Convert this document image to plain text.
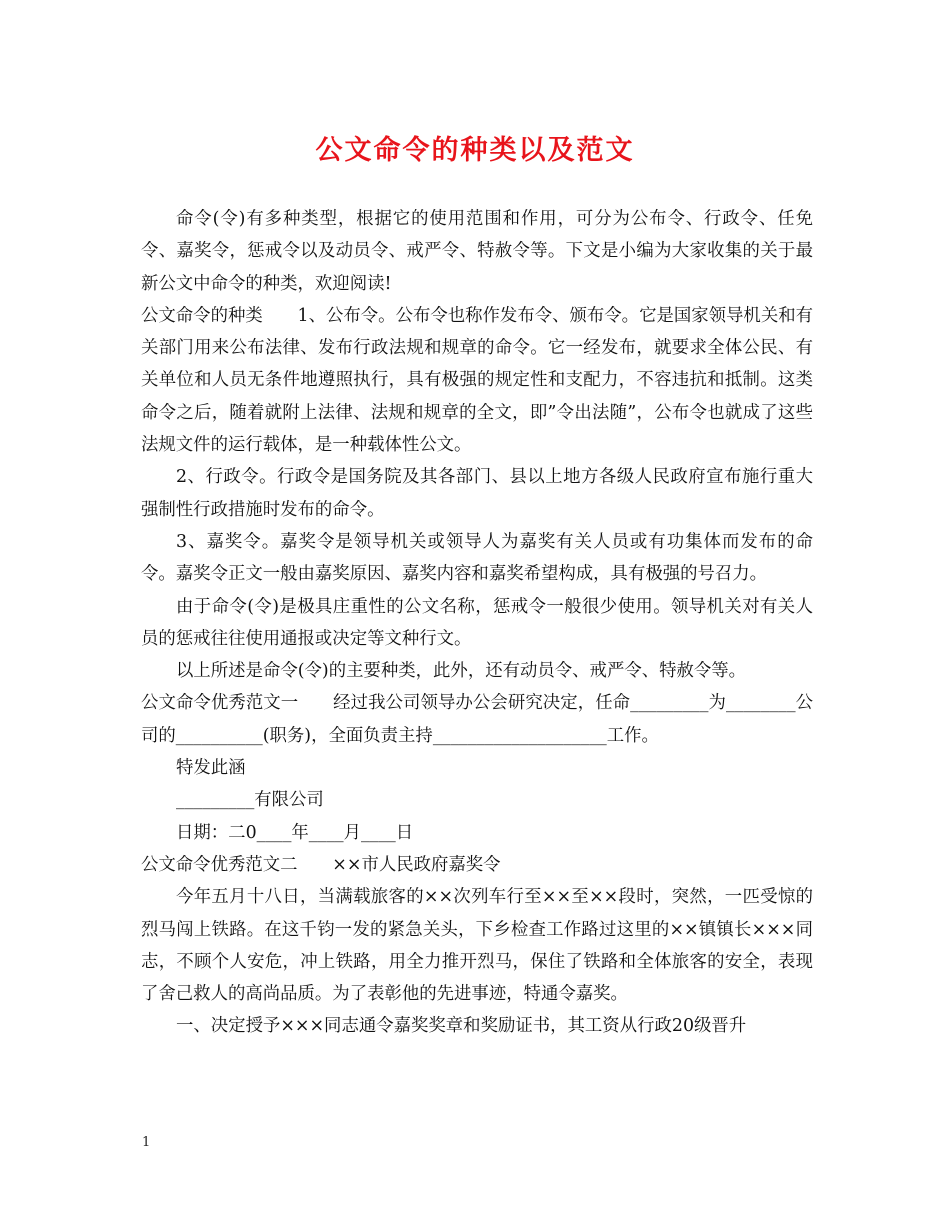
公文命令的种类以及范文

命令(令)有多种类型，根据它的使用范围和作用，可分为公布令、行政令、任免令、嘉奖令，惩戒令以及动员令、戒严令、特赦令等。下文是小编为大家收集的关于最新公文中命令的种类，欢迎阅读!

公文命令的种类　　1、公布令。公布令也称作发布令、颁布令。它是国家领导机关和有关部门用来公布法律、发布行政法规和规章的命令。它一经发布，就要求全体公民、有关单位和人员无条件地遵照执行，具有极强的规定性和支配力，不容违抗和抵制。这类命令之后，随着就附上法律、法规和规章的全文，即”令出法随”，公布令也就成了这些法规文件的运行载体，是一种载体性公文。

2、行政令。行政令是国务院及其各部门、县以上地方各级人民政府宣布施行重大强制性行政措施时发布的命令。

3、嘉奖令。嘉奖令是领导机关或领导人为嘉奖有关人员或有功集体而发布的命令。嘉奖令正文一般由嘉奖原因、嘉奖内容和嘉奖希望构成，具有极强的号召力。

由于命令(令)是极具庄重性的公文名称，惩戒令一般很少使用。领导机关对有关人员的惩戒往往使用通报或决定等文种行文。

以上所述是命令(令)的主要种类，此外，还有动员令、戒严令、特赦令等。

公文命令优秀范文一　　经过我公司领导办公会研究决定，任命_________为________公司的__________(职务)，全面负责主持____________________工作。

特发此涵

_________有限公司

日期：二0____年____月____日

公文命令优秀范文二　　××市人民政府嘉奖令

今年五月十八日，当满载旅客的××次列车行至××至××段时，突然，一匹受惊的烈马闯上铁路。在这千钧一发的紧急关头，下乡检查工作路过这里的××镇镇长×××同志，不顾个人安危，冲上铁路，用全力推开烈马，保住了铁路和全体旅客的安全，表现了舍己救人的高尚品质。为了表彰他的先进事迹，特通令嘉奖。

一、决定授予×××同志通令嘉奖奖章和奖励证书，其工资从行政20级晋升

1
